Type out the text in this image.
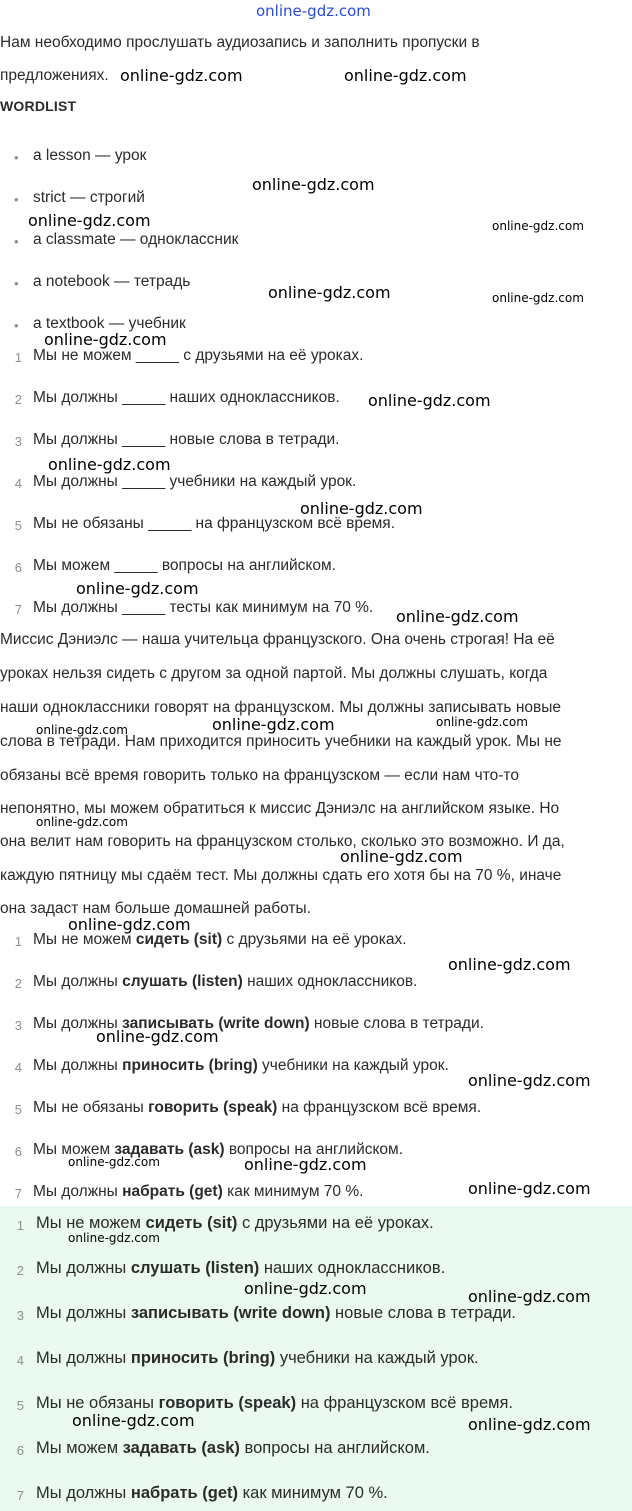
online-gdz.com
Нам необходимо прослушать аудиозапись и заполнить пропуски в
предложениях.
WORDLIST
• a lesson — урок
• strict — строгий
• a classmate — одноклассник
• a notebook — тетрадь
• a textbook — учебник
1 Мы не можем _____ с друзьями на её уроках.
2 Мы должны _____ наших одноклассников.
3 Мы должны _____ новые слова в тетради.
4 Мы должны _____ учебники на каждый урок.
5 Мы не обязаны _____ на французском всё время.
6 Мы можем _____ вопросы на английском.
7 Мы должны _____ тесты как минимум на 70 %.
Миссис Дэниэлс — наша учительца французского. Она очень строгая! На её
уроках нельзя сидеть с другом за одной партой. Мы должны слушать, когда
наши одноклассники говорят на французском. Мы должны записывать новые
слова в тетради. Нам приходится приносить учебники на каждый урок. Мы не
обязаны всё время говорить только на французском — если нам что-то
непонятно, мы можем обратиться к миссис Дэниэлс на английском языке. Но
она велит нам говорить на французском столько, сколько это возможно. И да,
каждую пятницу мы сдаём тест. Мы должны сдать его хотя бы на 70 %, иначе
она задаст нам больше домашней работы.
1 Мы не можем сидеть (sit) с друзьями на её уроках.
2 Мы должны слушать (listen) наших одноклассников.
3 Мы должны записывать (write down) новые слова в тетради.
4 Мы должны приносить (bring) учебники на каждый урок.
5 Мы не обязаны говорить (speak) на французском всё время.
6 Мы можем задавать (ask) вопросы на английском.
7 Мы должны набрать (get) как минимум 70 %.
1 Мы не можем сидеть (sit) с друзьями на её уроках.
2 Мы должны слушать (listen) наших одноклассников.
3 Мы должны записывать (write down) новые слова в тетради.
4 Мы должны приносить (bring) учебники на каждый урок.
5 Мы не обязаны говорить (speak) на французском всё время.
6 Мы можем задавать (ask) вопросы на английском.
7 Мы должны набрать (get) как минимум 70 %.
online-gdz.com	online-gdz.com
online-gdz.com
online-gdz.com	online-gdz.com
online-gdz.com	online-gdz.com
online-gdz.com
online-gdz.com
online-gdz.com
online-gdz.com
online-gdz.com
online-gdz.com
online-gdz.com
online-gdz.com
online-gdz.com
online-gdz.com
online-gdz.com
online-gdz.com
online-gdz.com
online-gdz.com
online-gdz.com
online-gdz.com	online-gdz.com
online-gdz.com
online-gdz.com
online-gdz.com	online-gdz.com
online-gdz.com	online-gdz.com
